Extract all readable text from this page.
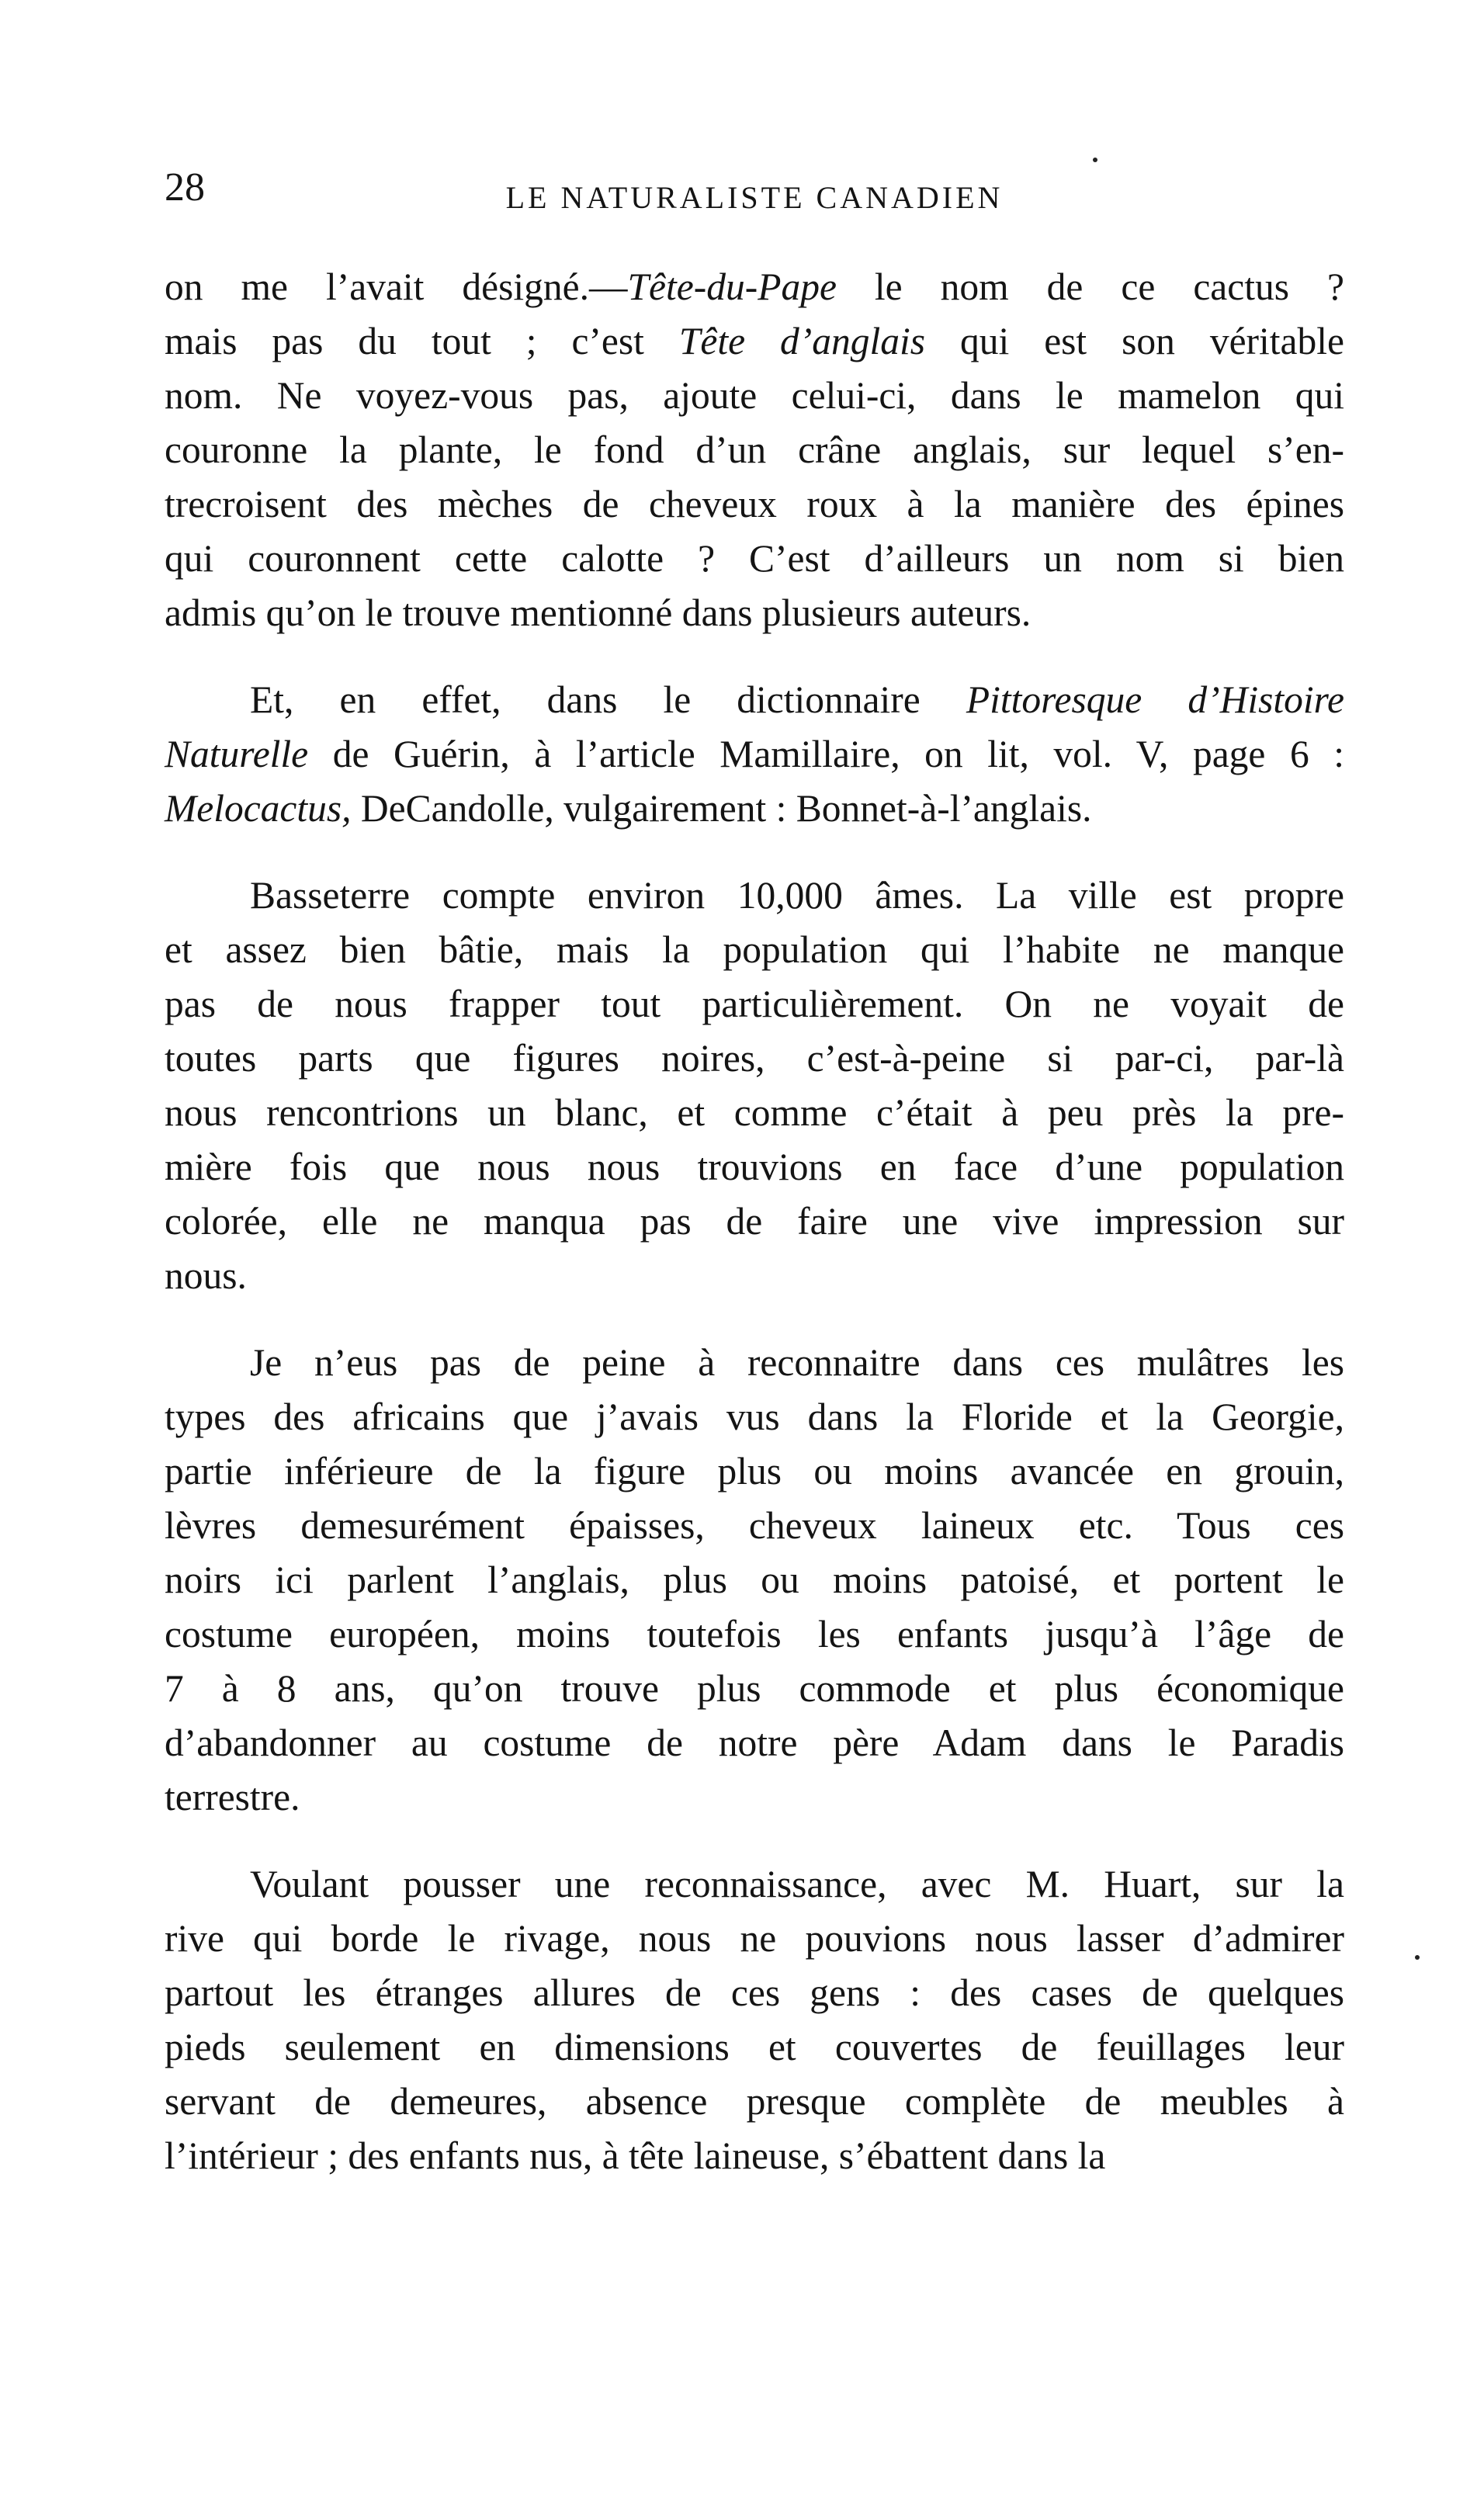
28	LE NATURALISTE CANADIEN
on me l’avait désigné.—Tête-du-Pape le nom de ce cactus ?
mais pas du tout ; c’est Tête d’anglais qui est son véritable
nom. Ne voyez-vous pas, ajoute celui-ci, dans le mamelon qui
couronne la plante, le fond d’un crâne anglais, sur lequel s’en-
trecroisent des mèches de cheveux roux à la manière des épines
qui couronnent cette calotte ? C’est d’ailleurs un nom si bien
admis qu’on le trouve mentionné dans plusieurs auteurs.
Et, en effet, dans le dictionnaire Pittoresque d’Histoire
Naturelle de Guérin, à l’article Mamillaire, on lit, vol. V, page 6 :
Melocactus, DeCandolle, vulgairement : Bonnet-à-l’anglais.
Basseterre compte environ 10,000 âmes. La ville est propre
et assez bien bâtie, mais la population qui l’habite ne manque
pas de nous frapper tout particulièrement. On ne voyait de
toutes parts que figures noires, c’est-à-peine si par-ci, par-là
nous rencontrions un blanc, et comme c’était à peu près la pre-
mière fois que nous nous trouvions en face d’une population
colorée, elle ne manqua pas de faire une vive impression sur
nous.
Je n’eus pas de peine à reconnaitre dans ces mulâtres les
types des africains que j’avais vus dans la Floride et la Georgie,
partie inférieure de la figure plus ou moins avancée en grouin,
lèvres demesurément épaisses, cheveux laineux etc. Tous ces
noirs ici parlent l’anglais, plus ou moins patoisé, et portent le
costume européen, moins toutefois les enfants jusqu’à l’âge de
7 à 8 ans, qu’on trouve plus commode et plus économique
d’abandonner au costume de notre père Adam dans le Paradis
terrestre.
Voulant pousser une reconnaissance, avec M. Huart, sur la
rive qui borde le rivage, nous ne pouvions nous lasser d’admirer
partout les étranges allures de ces gens : des cases de quelques
pieds seulement en dimensions et couvertes de feuillages leur
servant de demeures, absence presque complète de meubles à
l’intérieur ; des enfants nus, à tête laineuse, s’ébattent dans la
